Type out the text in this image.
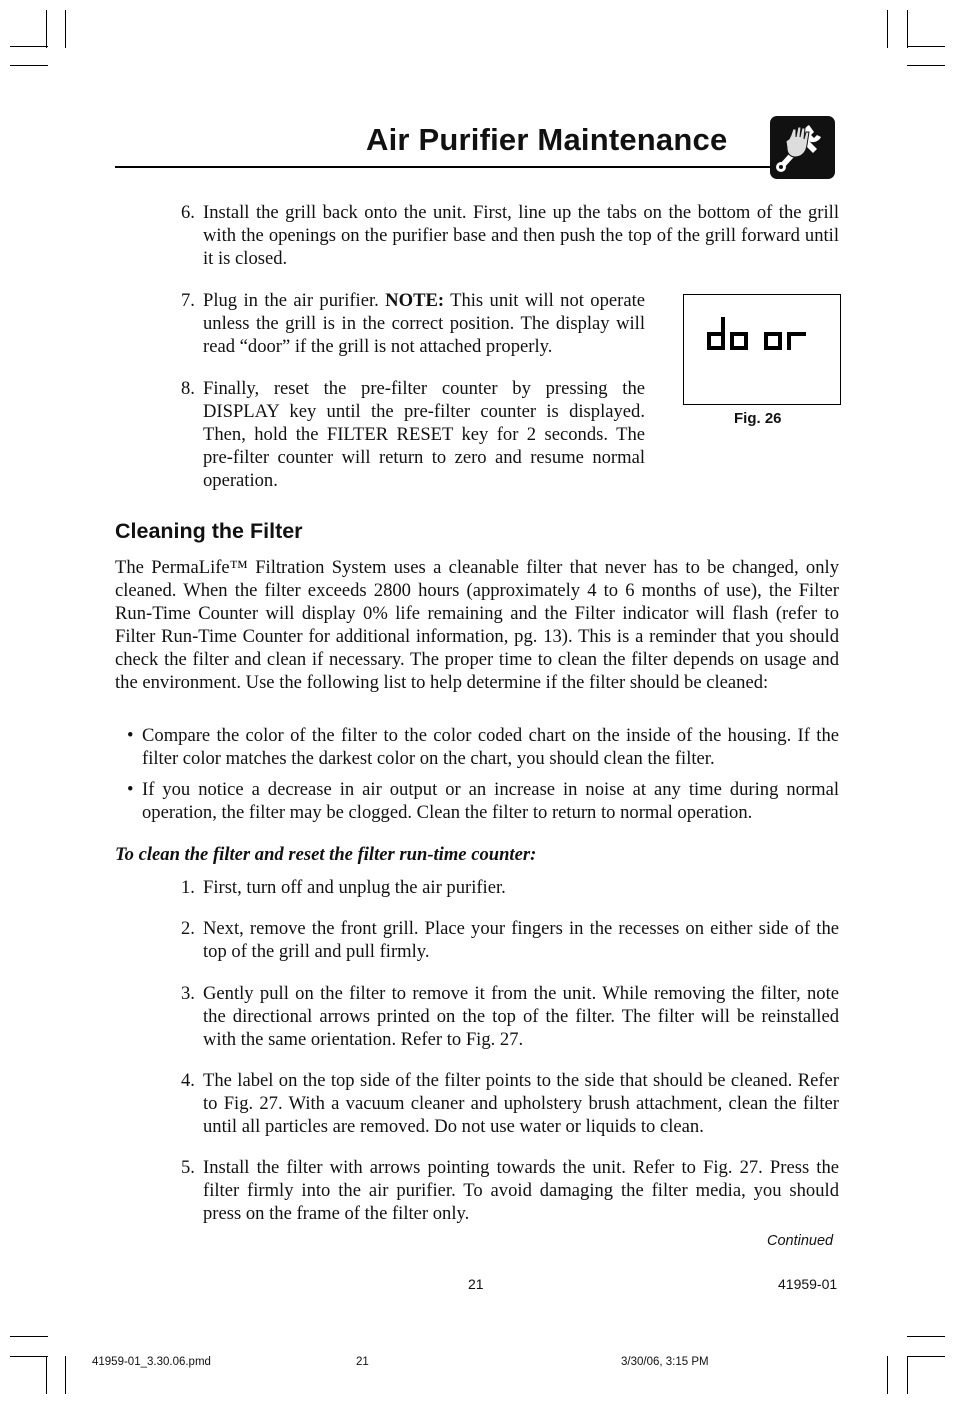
Air Purifier Maintenance
6. Install the grill back onto the unit. First, line up the tabs on the bottom of the grill with the openings on the purifier base and then push the top of the grill forward until it is closed.
7. Plug in the air purifier. NOTE: This unit will not operate unless the grill is in the correct position. The display will read “door” if the grill is not attached properly.
8. Finally, reset the pre-filter counter by pressing the DISPLAY key until the pre-filter counter is displayed. Then, hold the FILTER RESET key for 2 seconds. The pre-filter counter will return to zero and resume normal operation.
Fig. 26
Cleaning the Filter
The PermaLife™ Filtration System uses a cleanable filter that never has to be changed, only cleaned. When the filter exceeds 2800 hours (approximately 4 to 6 months of use), the Filter Run-Time Counter will display 0% life remaining and the Filter indicator will flash (refer to Filter Run-Time Counter for additional information, pg. 13). This is a reminder that you should check the filter and clean if necessary. The proper time to clean the filter depends on usage and the environment. Use the following list to help determine if the filter should be cleaned:
• Compare the color of the filter to the color coded chart on the inside of the housing. If the filter color matches the darkest color on the chart, you should clean the filter.
• If you notice a decrease in air output or an increase in noise at any time during normal operation, the filter may be clogged. Clean the filter to return to normal operation.
To clean the filter and reset the filter run-time counter:
1. First, turn off and unplug the air purifier.
2. Next, remove the front grill. Place your fingers in the recesses on either side of the top of the grill and pull firmly.
3. Gently pull on the filter to remove it from the unit. While removing the filter, note the directional arrows printed on the top of the filter. The filter will be reinstalled with the same orientation. Refer to Fig. 27.
4. The label on the top side of the filter points to the side that should be cleaned. Refer to Fig. 27. With a vacuum cleaner and upholstery brush attachment, clean the filter until all particles are removed. Do not use water or liquids to clean.
5. Install the filter with arrows pointing towards the unit. Refer to Fig. 27. Press the filter firmly into the air purifier. To avoid damaging the filter media, you should press on the frame of the filter only.
Continued
21	41959-01
41959-01_3.30.06.pmd	21	3/30/06, 3:15 PM
